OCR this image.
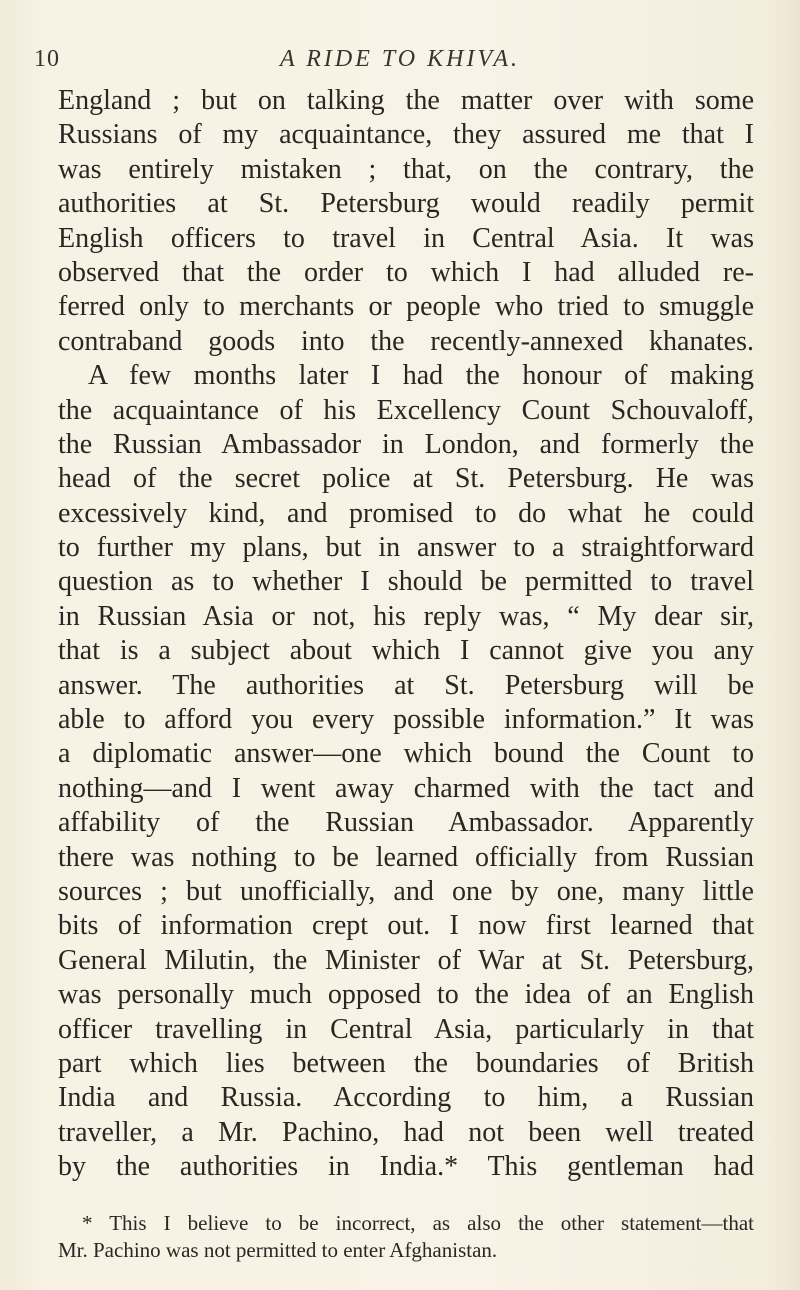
10	A RIDE TO KHIVA.
England ; but on talking the matter over with some
Russians of my acquaintance, they assured me that I
was entirely mistaken ; that, on the contrary, the
authorities at St. Petersburg would readily permit
English officers to travel in Central Asia. It was
observed that the order to which I had alluded re-
ferred only to merchants or people who tried to smuggle
contraband goods into the recently-annexed khanates.
A few months later I had the honour of making
the acquaintance of his Excellency Count Schouvaloff,
the Russian Ambassador in London, and formerly the
head of the secret police at St. Petersburg. He was
excessively kind, and promised to do what he could
to further my plans, but in answer to a straightforward
question as to whether I should be permitted to travel
in Russian Asia or not, his reply was, “ My dear sir,
that is a subject about which I cannot give you any
answer. The authorities at St. Petersburg will be
able to afford you every possible information.” It was
a diplomatic answer—one which bound the Count to
nothing—and I went away charmed with the tact and
affability of the Russian Ambassador. Apparently
there was nothing to be learned officially from Russian
sources ; but unofficially, and one by one, many little
bits of information crept out. I now first learned that
General Milutin, the Minister of War at St. Petersburg,
was personally much opposed to the idea of an English
officer travelling in Central Asia, particularly in that
part which lies between the boundaries of British
India and Russia. According to him, a Russian
traveller, a Mr. Pachino, had not been well treated
by the authorities in India.* This gentleman had
* This I believe to be incorrect, as also the other statement—that
Mr. Pachino was not permitted to enter Afghanistan.
